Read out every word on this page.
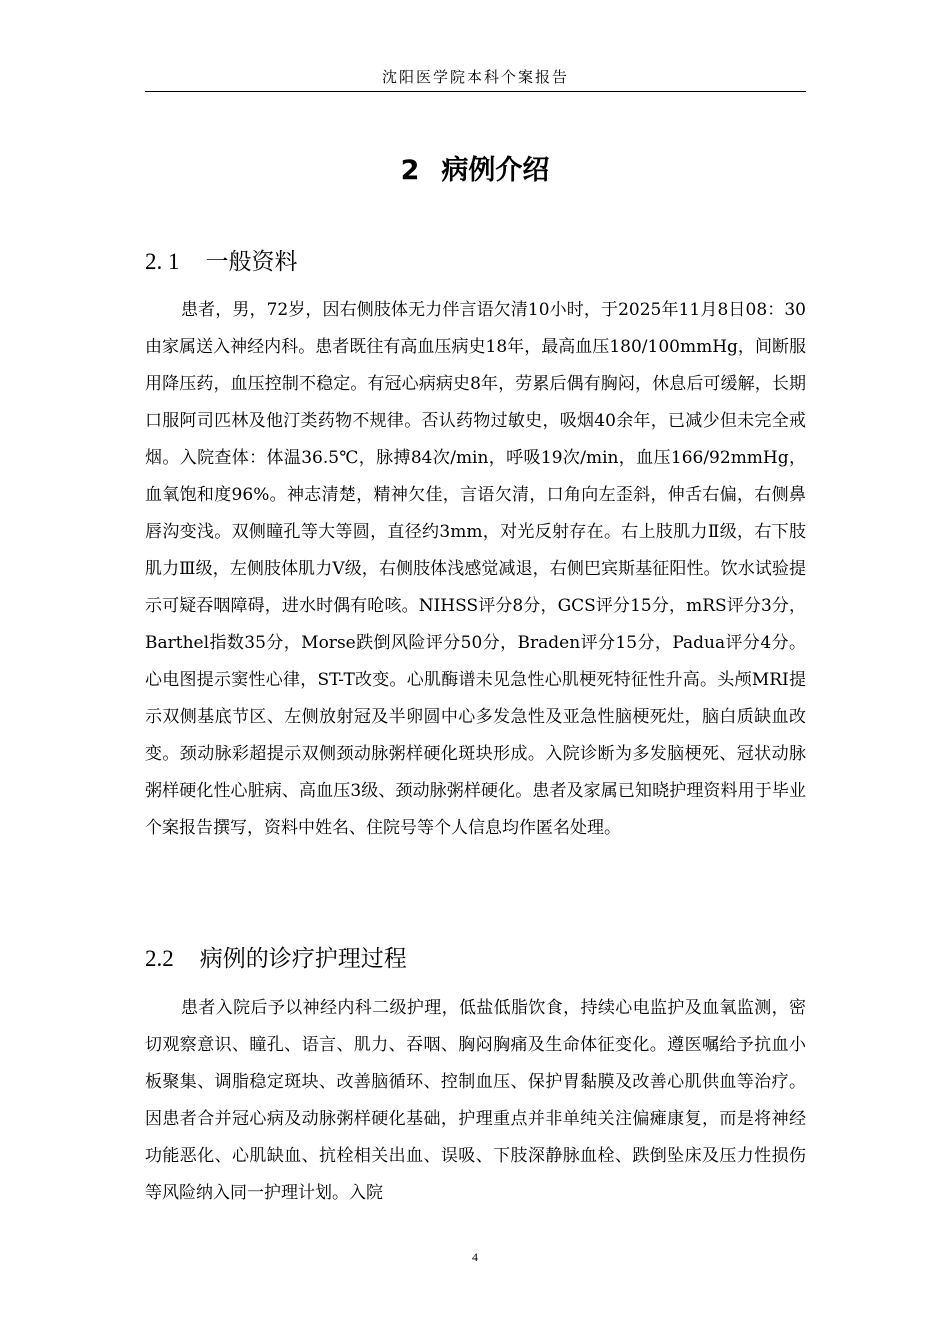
沈阳医学院本科个案报告
2 病例介绍
2. 1 一般资料

患者，男，72岁，因右侧肢体无力伴言语欠清10小时，于2025年11月8日08：30由家属送入神经内科。患者既往有高血压病史18年，最高血压180/100mmHg，间断服用降压药，血压控制不稳定。有冠心病病史8年，劳累后偶有胸闷，休息后可缓解，长期口服阿司匹林及他汀类药物不规律。否认药物过敏史，吸烟40余年，已减少但未完全戒烟。入院查体：体温36.5℃，脉搏84次/min，呼吸19次/min，血压166/92mmHg，血氧饱和度96%。神志清楚，精神欠佳，言语欠清，口角向左歪斜，伸舌右偏，右侧鼻唇沟变浅。双侧瞳孔等大等圆，直径约3mm，对光反射存在。右上肢肌力Ⅱ级，右下肢肌力Ⅲ级，左侧肢体肌力Ⅴ级，右侧肢体浅感觉减退，右侧巴宾斯基征阳性。饮水试验提示可疑吞咽障碍，进水时偶有呛咳。NIHSS评分8分，GCS评分15分，mRS评分3分，Barthel指数35分，Morse跌倒风险评分50分，Braden评分15分，Padua评分4分。心电图提示窦性心律，ST-T改变。心肌酶谱未见急性心肌梗死特征性升高。头颅MRI提示双侧基底节区、左侧放射冠及半卵圆中心多发急性及亚急性脑梗死灶，脑白质缺血改变。颈动脉彩超提示双侧颈动脉粥样硬化斑块形成。入院诊断为多发脑梗死、冠状动脉粥样硬化性心脏病、高血压3级、颈动脉粥样硬化。患者及家属已知晓护理资料用于毕业个案报告撰写，资料中姓名、住院号等个人信息均作匿名处理。

2.2 病例的诊疗护理过程

患者入院后予以神经内科二级护理，低盐低脂饮食，持续心电监护及血氧监测，密切观察意识、瞳孔、语言、肌力、吞咽、胸闷胸痛及生命体征变化。遵医嘱给予抗血小板聚集、调脂稳定斑块、改善脑循环、控制血压、保护胃黏膜及改善心肌供血等治疗。因患者合并冠心病及动脉粥样硬化基础，护理重点并非单纯关注偏瘫康复，而是将神经功能恶化、心肌缺血、抗栓相关出血、误吸、下肢深静脉血栓、跌倒坠床及压力性损伤等风险纳入同一护理计划。入院

4
